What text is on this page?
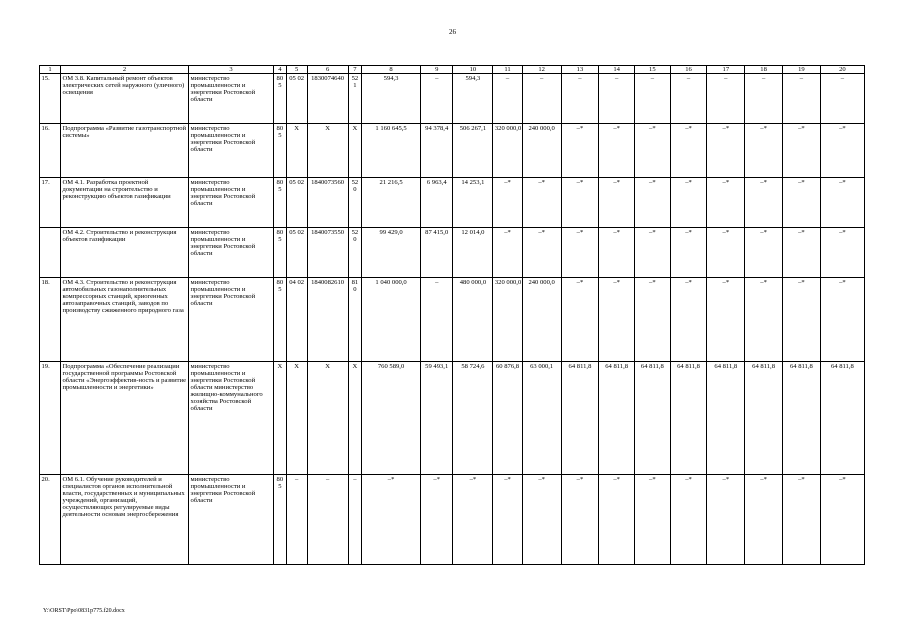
26
1	2	3	4	5	6	7	8	9	10	11	12	13	14	15	16	17	18	19	20
15.	ОМ 3.8. Капитальный ремонт объектов электрических сетей наружного (уличного) освещения	министерство промышленности и энергетики Ростовской области	805	05 02	1830074640	521	594,3	–	594,3	–	–	–	–	–	–	–	–	–	–
16.	Подпрограмма «Развитие газотранспортной системы»	министерство промышленности и энергетики Ростовской области	805	Х	Х	Х	1 160 645,5	94 378,4	506 267,1	320 000,0	240 000,0	–*	–*	–*	–*	–*	–*	–*	–*
17.	ОМ 4.1. Разработка проектной документации на строительство и реконструкцию объектов газификации	министерство промышленности и энергетики Ростовской области	805	05 02	1840073560	520	21 216,5	6 963,4	14 253,1	–*	–*	–*	–*	–*	–*	–*	–*	–*	–*
	ОМ 4.2. Строительство и реконструкция объектов газификации	министерство промышленности и энергетики Ростовской области	805	05 02	1840073550	520	99 429,0	87 415,0	12 014,0	–*	–*	–*	–*	–*	–*	–*	–*	–*	–*
18.	ОМ 4.3. Строительство и реконструкция автомобильных газонаполнительных компрессорных станций, криогенных автозаправочных станций, заводов по производству сжиженного природного газа	министерство промышленности и энергетики Ростовской области	805	04 02	1840082610	810	1 040 000,0	–	480 000,0	320 000,0	240 000,0	–*	–*	–*	–*	–*	–*	–*	–*
19.	Подпрограмма «Обеспечение реализации государственной программы Ростовской области «Энергоэффектив-ность и развитие промышленности и энергетики»	министерство промышленности и энергетики Ростовской области министерство жилищно-коммунального хозяйства Ростовской области	Х	Х	Х	Х	760 589,0	59 493,1	58 724,6	60 876,8	63 000,1	64 811,8	64 811,8	64 811,8	64 811,8	64 811,8	64 811,8	64 811,8	64 811,8
20.	ОМ 6.1. Обучение руководителей и специалистов органов исполнительной власти, государственных и муниципальных учреждений, организаций, осуществляющих регулируемые виды деятельности основам энергосбережения	министерство промышленности и энергетики Ростовской области	805	–	–	–	–*	–*	–*	–*	–*	–*	–*	–*	–*	–*	–*	–*	–*
Y:\ORST\Ppo\0831p775.f20.docx
